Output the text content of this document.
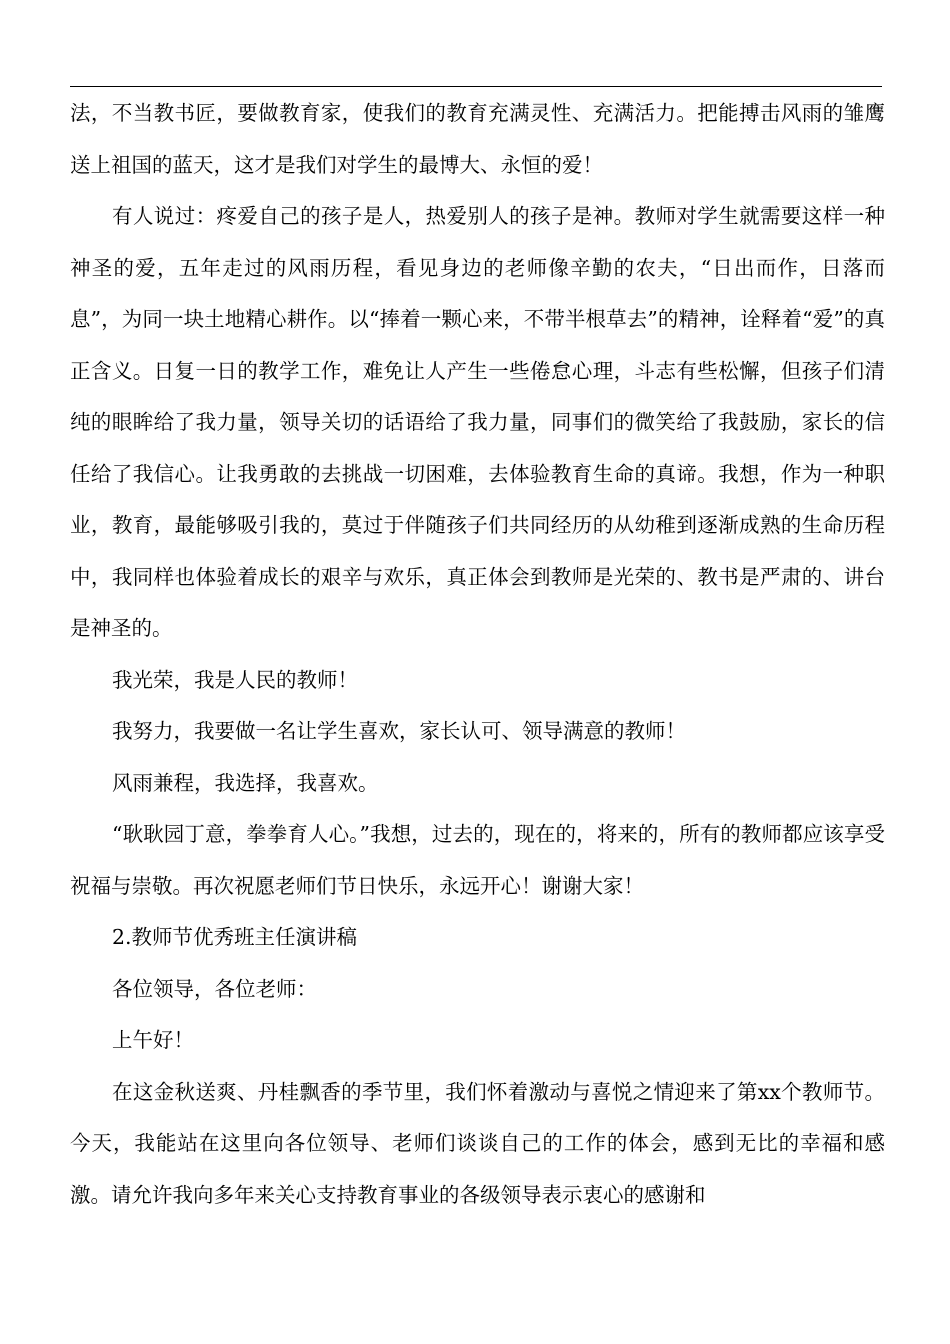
法，不当教书匠，要做教育家，使我们的教育充满灵性、充满活力。把能搏击风雨的雏鹰送上祖国的蓝天，这才是我们对学生的最博大、永恒的爱！

有人说过：疼爱自己的孩子是人，热爱别人的孩子是神。教师对学生就需要这样一种神圣的爱，五年走过的风雨历程，看见身边的老师像辛勤的农夫，“日出而作，日落而息”，为同一块土地精心耕作。以“捧着一颗心来，不带半根草去”的精神，诠释着“爱”的真正含义。日复一日的教学工作，难免让人产生一些倦怠心理，斗志有些松懈，但孩子们清纯的眼眸给了我力量，领导关切的话语给了我力量，同事们的微笑给了我鼓励，家长的信任给了我信心。让我勇敢的去挑战一切困难，去体验教育生命的真谛。我想，作为一种职业，教育，最能够吸引我的，莫过于伴随孩子们共同经历的从幼稚到逐渐成熟的生命历程中，我同样也体验着成长的艰辛与欢乐，真正体会到教师是光荣的、教书是严肃的、讲台是神圣的。

我光荣，我是人民的教师！

我努力，我要做一名让学生喜欢，家长认可、领导满意的教师！

风雨兼程，我选择，我喜欢。

“耿耿园丁意，拳拳育人心。”我想，过去的，现在的，将来的，所有的教师都应该享受祝福与崇敬。再次祝愿老师们节日快乐，永远开心！谢谢大家！

2.教师节优秀班主任演讲稿

各位领导，各位老师：

上午好！

在这金秋送爽、丹桂飘香的季节里，我们怀着激动与喜悦之情迎来了第xx个教师节。今天，我能站在这里向各位领导、老师们谈谈自己的工作的体会，感到无比的幸福和感激。请允许我向多年来关心支持教育事业的各级领导表示衷心的感谢和
